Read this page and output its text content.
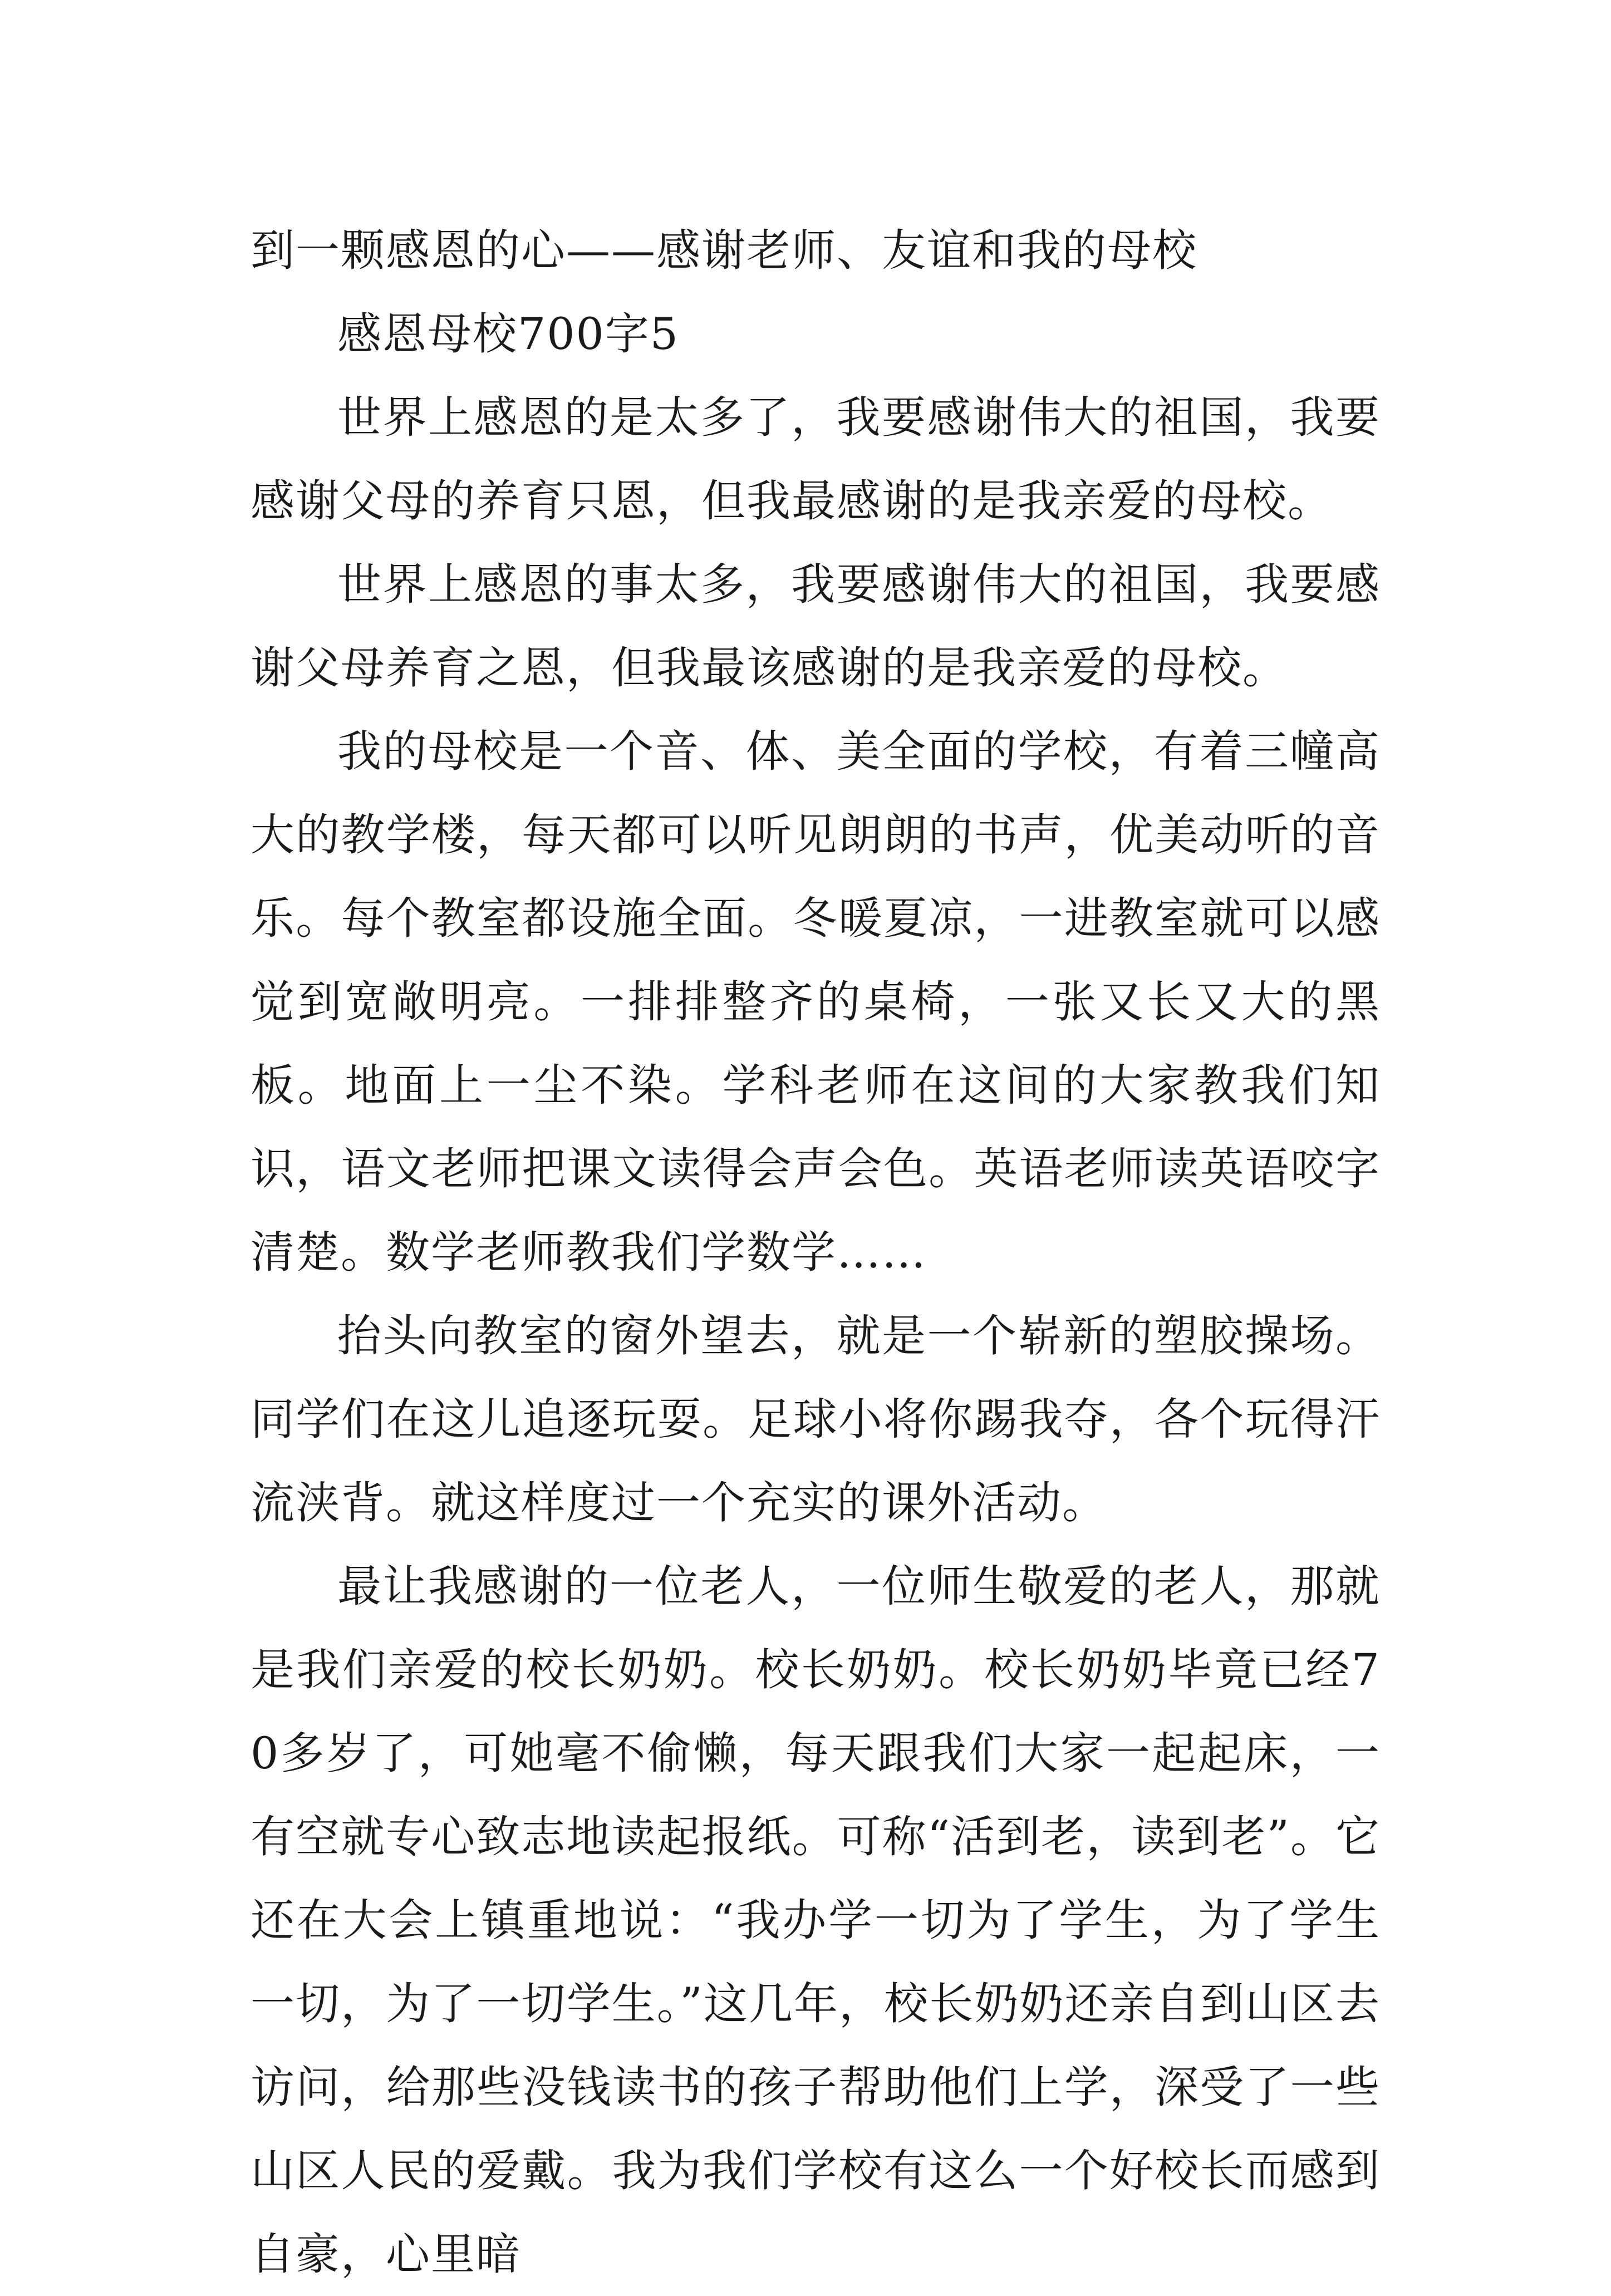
到一颗感恩的心——感谢老师、友谊和我的母校

感恩母校700字5

世界上感恩的是太多了，我要感谢伟大的祖国，我要感谢父母的养育只恩，但我最感谢的是我亲爱的母校。

世界上感恩的事太多，我要感谢伟大的祖国，我要感谢父母养育之恩，但我最该感谢的是我亲爱的母校。

我的母校是一个音、体、美全面的学校，有着三幢高大的教学楼，每天都可以听见朗朗的书声，优美动听的音乐。每个教室都设施全面。冬暖夏凉，一进教室就可以感觉到宽敞明亮。一排排整齐的桌椅，一张又长又大的黑板。地面上一尘不染。学科老师在这间的大家教我们知识，语文老师把课文读得会声会色。英语老师读英语咬字清楚。数学老师教我们学数学……

抬头向教室的窗外望去，就是一个崭新的塑胶操场。同学们在这儿追逐玩耍。足球小将你踢我夺，各个玩得汗流浃背。就这样度过一个充实的课外活动。

最让我感谢的一位老人，一位师生敬爱的老人，那就是我们亲爱的校长奶奶。校长奶奶。校长奶奶毕竟已经70多岁了，可她毫不偷懒，每天跟我们大家一起起床，一有空就专心致志地读起报纸。可称“活到老，读到老”。它还在大会上镇重地说：“我办学一切为了学生，为了学生一切，为了一切学生。”这几年，校长奶奶还亲自到山区去访问，给那些没钱读书的孩子帮助他们上学，深受了一些山区人民的爱戴。我为我们学校有这么一个好校长而感到自豪，心里暗
